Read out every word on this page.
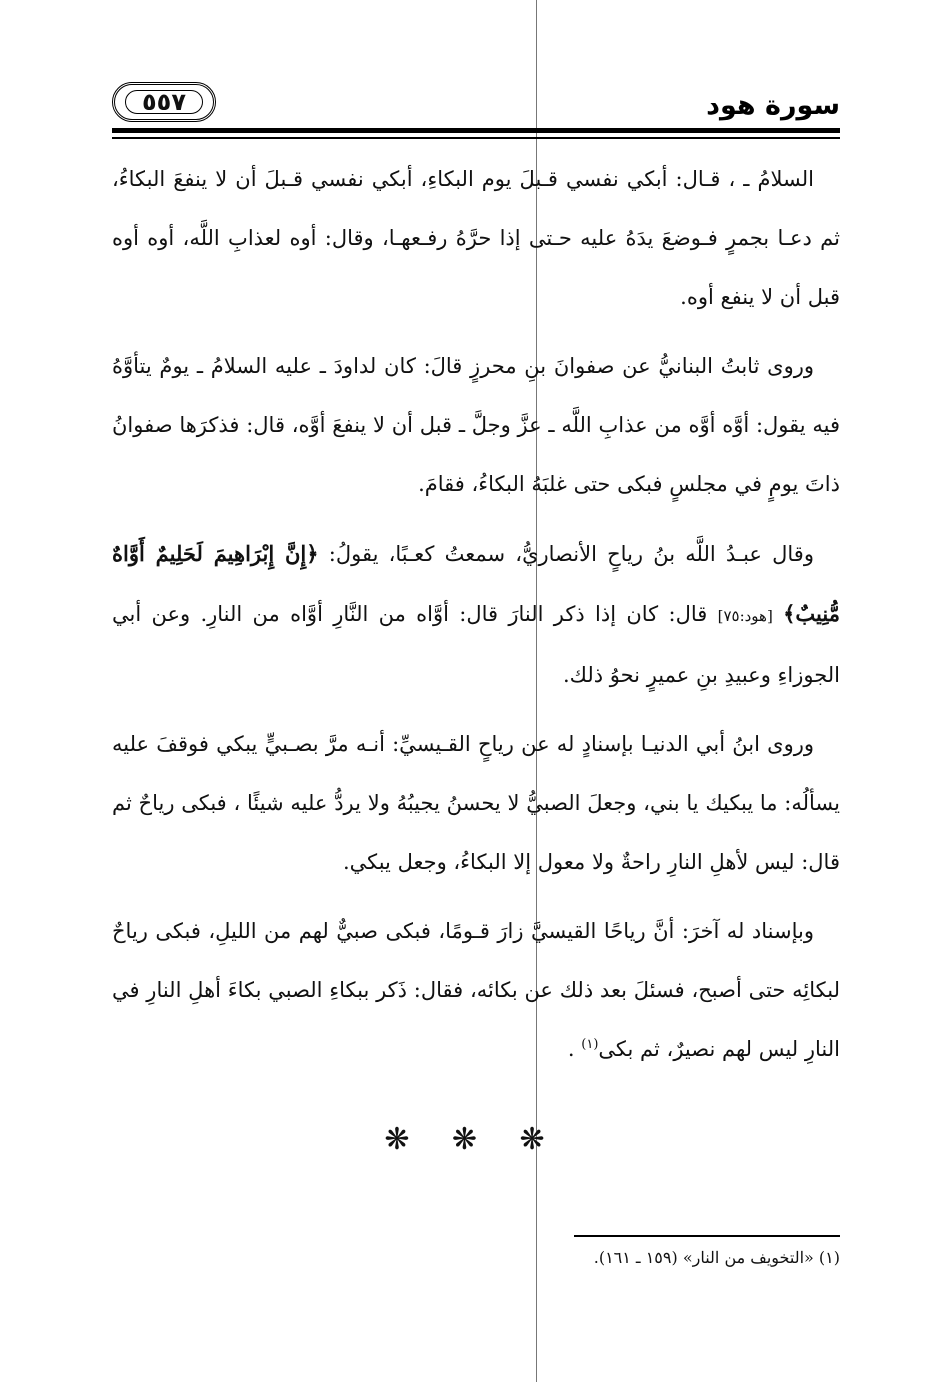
سورة هود
٥٥٧

السلامُ ـ ، قـال: أبكي نفسي قـبلَ يوم البكاءِ، أبكي نفسي قـبلَ أن لا ينفعَ البكاءُ، ثم دعـا بجمرٍ فـوضعَ يدَهُ عليه حـتى إذا حرَّهُ رفـعهـا، وقال: أوه لعذابِ اللَّه، أوه أوه قبل أن لا ينفع أوه.

وروى ثابتُ البنانيُّ عن صفوانَ بنِ محرزٍ قالَ: كان لداودَ ـ عليه السلامُ ـ يومٌ يتأوَّهُ فيه يقول: أوَّه أوَّه من عذابِ اللَّه ـ عزَّ وجلَّ ـ قبل أن لا ينفعَ أوَّه، قال: فذكرَها صفوانُ ذاتَ يومٍ في مجلسٍ فبكى حتى غلبَهُ البكاءُ، فقامَ.

وقال عبـدُ اللَّه بنُ رياحٍ الأنصاريُّ، سمعتُ كعـبًا، يقولُ: ﴿إِنَّ إِبْرَاهِيمَ لَحَلِيمٌ أَوَّاهٌ مُّنِيبٌ﴾ [هود:٧٥] قال: كان إذا ذكر النارَ قال: أوَّاه من النَّارِ أوَّاه من النارِ. وعن أبي الجوزاءِ وعبيدِ بنِ عميرٍ نحوُ ذلك.

وروى ابنُ أبي الدنيـا بإسنادٍ له عن رياحٍ القـيسيِّ: أنـه مرَّ بصـبيٍّ يبكي فوقفَ عليه يسألُه: ما يبكيك يا بني، وجعلَ الصبيُّ لا يحسنُ يجيبُهُ ولا يردُّ عليه شيئًا ، فبكى رياحٌ ثم قال: ليس لأهلِ النارِ راحةٌ ولا معول إلا البكاءُ، وجعل يبكي.

وبإسناد له آخرَ: أنَّ رياحًا القيسيَّ زارَ قـومًا، فبكى صبيٌّ لهم من الليلِ، فبكى رياحٌ لبكائِه حتى أصبح، فسئلَ بعد ذلك عن بكائه، فقال: ذَكر ببكاءِ الصبي بكاءَ أهلِ النارِ في النارِ ليس لهم نصيرٌ، ثم بكى$^{(١)}$ .

❋ ❋ ❋
(١) «التخويف من النار» (١٥٩ ـ ١٦١).
